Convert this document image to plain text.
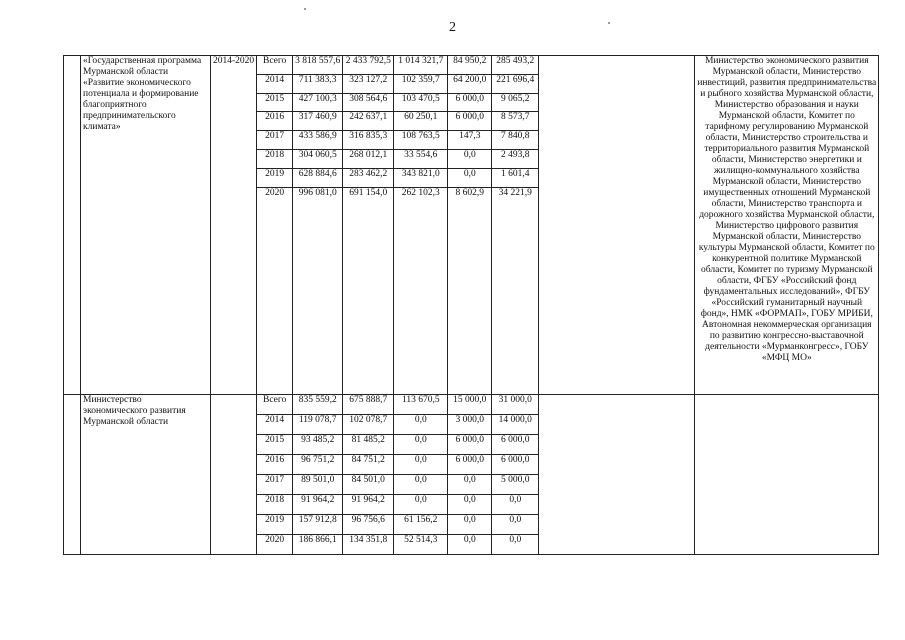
2
	«Государственная программа Мурманской области «Развитие экономического потенциала и формирование благоприятного предпринимательского климата»	2014-2020	Всего	3 818 557,6	2 433 792,5	1 014 321,7	84 950,2	285 493,2		Министерство экономического развития Мурманской области, Министерство инвестиций, развития предпринимательства и рыбного хозяйства Мурманской области, Министерство образования и науки Мурманской области, Комитет по тарифному регулированию Мурманской области, Министерство строительства и территориального развития Мурманской области, Министерство энергетики и жилищно-коммунального хозяйства Мурманской области, Министерство имущественных отношений Мурманской области, Министерство транспорта и дорожного хозяйства Мурманской области, Министерство цифрового развития Мурманской области, Министерство культуры Мурманской области, Комитет по конкурентной политике Мурманской области, Комитет по туризму Мурманской области, ФГБУ «Российский фонд фундаментальных исследований», ФГБУ «Российский гуманитарный научный фонд», НМК «ФОРМАП», ГОБУ МРИБИ, Автономная некоммерческая организация по развитию конгрессно-выставочной деятельности «Мурманконгресс», ГОБУ «МФЦ МО»
			2014	711 383,3	323 127,2	102 359,7	64 200,0	221 696,4		
			2015	427 100,3	308 564,6	103 470,5	6 000,0	9 065,2		
			2016	317 460,9	242 637,1	60 250,1	6 000,0	8 573,7		
			2017	433 586,9	316 835,3	108 763,5	147,3	7 840,8		
			2018	304 060,5	268 012,1	33 554,6	0,0	2 493,8		
			2019	628 884,6	283 462,2	343 821,0	0,0	1 601,4		
			2020	996 081,0	691 154,0	262 102,3	8 602,9	34 221,9		
	Министерство экономического развития Мурманской области		Всего	835 559,2	675 888,7	113 670,5	15 000,0	31 000,0		
			2014	119 078,7	102 078,7	0,0	3 000,0	14 000,0		
			2015	93 485,2	81 485,2	0,0	6 000,0	6 000,0		
			2016	96 751,2	84 751,2	0,0	6 000,0	6 000,0		
			2017	89 501,0	84 501,0	0,0	0,0	5 000,0		
			2018	91 964,2	91 964,2	0,0	0,0	0,0		
			2019	157 912,8	96 756,6	61 156,2	0,0	0,0		
			2020	186 866,1	134 351,8	52 514,3	0,0	0,0		
